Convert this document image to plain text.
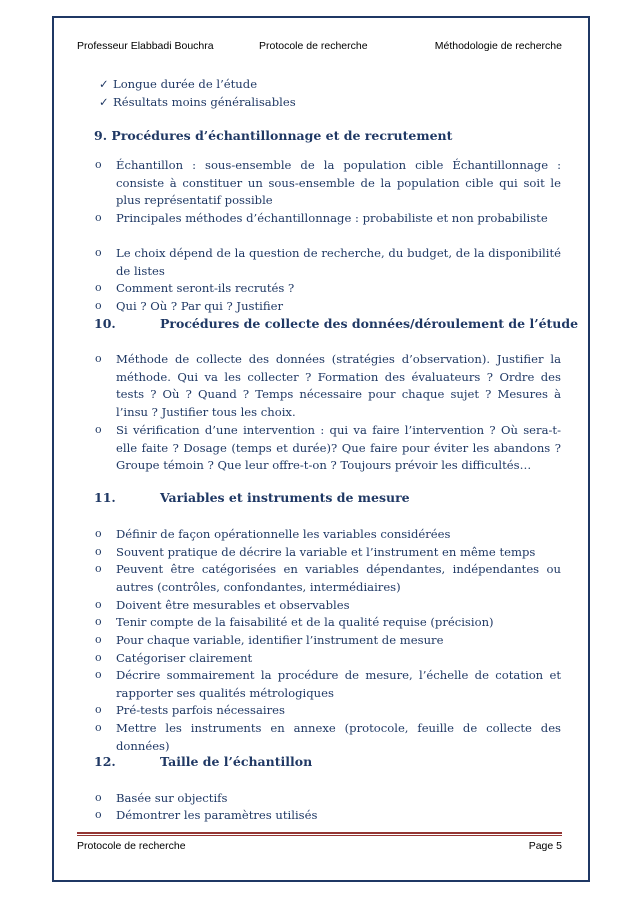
Professeur Elabbadi Bouchra	Protocole de recherche	Méthodologie de recherche
✓ Longue durée de l’étude
✓ Résultats moins généralisables
9. Procédures d’échantillonnage et de recrutement
o Échantillon : sous-ensemble de la population cible Échantillonnage : consiste à constituer un sous-ensemble de la population cible qui soit le plus représentatif possible
o Principales méthodes d’échantillonnage : probabiliste et non probabiliste
o Le choix dépend de la question de recherche, du budget, de la disponibilité de listes
o Comment seront-ils recrutés ?
o Qui ? Où ? Par qui ? Justifier
10.	Procédures de collecte des données/déroulement de l’étude
o Méthode de collecte des données (stratégies d’observation). Justifier la méthode. Qui va les collecter ? Formation des évaluateurs ? Ordre des tests ? Où ? Quand ? Temps nécessaire pour chaque sujet ? Mesures à l’insu ? Justifier tous les choix.
o Si vérification d’une intervention : qui va faire l’intervention ? Où sera-t-elle faite ? Dosage (temps et durée)? Que faire pour éviter les abandons ? Groupe témoin ? Que leur offre-t-on ? Toujours prévoir les difficultés…
11.	Variables et instruments de mesure
o Définir de façon opérationnelle les variables considérées
o Souvent pratique de décrire la variable et l’instrument en même temps
o Peuvent être catégorisées en variables dépendantes, indépendantes ou autres (contrôles, confondantes, intermédiaires)
o Doivent être mesurables et observables
o Tenir compte de la faisabilité et de la qualité requise (précision)
o Pour chaque variable, identifier l’instrument de mesure
o Catégoriser clairement
o Décrire sommairement la procédure de mesure, l’échelle de cotation et rapporter ses qualités métrologiques
o Pré-tests parfois nécessaires
o Mettre les instruments en annexe (protocole, feuille de collecte des données)
12.	Taille de l’échantillon
o Basée sur objectifs
o Démontrer les paramètres utilisés
Protocole de recherche	Page 5
